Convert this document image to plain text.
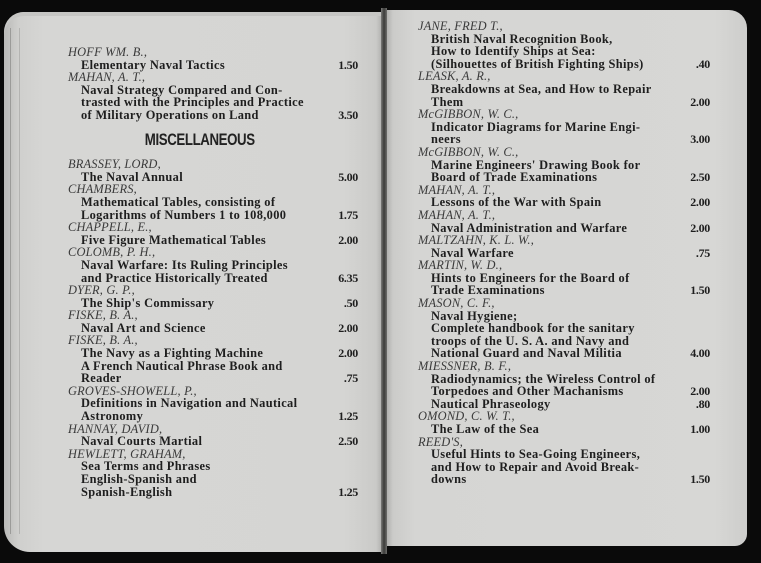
HOFF WM. B.,
Elementary Naval Tactics	1.50
MAHAN, A. T.,
Naval Strategy Compared and Con-
trasted with the Principles and Practice
of Military Operations on Land	3.50
MISCELLANEOUS
BRASSEY, LORD,
The Naval Annual	5.00
CHAMBERS,
Mathematical Tables, consisting of
Logarithms of Numbers 1 to 108,000	1.75
CHAPPELL, E.,
Five Figure Mathematical Tables	2.00
COLOMB, P. H.,
Naval Warfare: Its Ruling Principles
and Practice Historically Treated	6.35
DYER, G. P.,
The Ship's Commissary	.50
FISKE, B. A.,
Naval Art and Science	2.00
FISKE, B. A.,
The Navy as a Fighting Machine	2.00
A French Nautical Phrase Book and
Reader	.75
GROVES-SHOWELL, P.,
Definitions in Navigation and Nautical
Astronomy	1.25
HANNAY, DAVID,
Naval Courts Martial	2.50
HEWLETT, GRAHAM,
Sea Terms and Phrases
English-Spanish and
Spanish-English	1.25
JANE, FRED T.,
British Naval Recognition Book,
How to Identify Ships at Sea:
(Silhouettes of British Fighting Ships)	.40
LEASK, A. R.,
Breakdowns at Sea, and How to Repair
Them	2.00
McGIBBON, W. C.,
Indicator Diagrams for Marine Engi-
neers	3.00
McGIBBON, W. C.,
Marine Engineers' Drawing Book for
Board of Trade Examinations	2.50
MAHAN, A. T.,
Lessons of the War with Spain	2.00
MAHAN, A. T.,
Naval Administration and Warfare	2.00
MALTZAHN, K. L. W.,
Naval Warfare	.75
MARTIN, W. D.,
Hints to Engineers for the Board of
Trade Examinations	1.50
MASON, C. F.,
Naval Hygiene;
Complete handbook for the sanitary
troops of the U. S. A. and Navy and
National Guard and Naval Militia	4.00
MIESSNER, B. F.,
Radiodynamics; the Wireless Control of
Torpedoes and Other Machanisms	2.00
Nautical Phraseology	.80
OMOND, C. W. T.,
The Law of the Sea	1.00
REED'S,
Useful Hints to Sea-Going Engineers,
and How to Repair and Avoid Break-
downs	1.50
